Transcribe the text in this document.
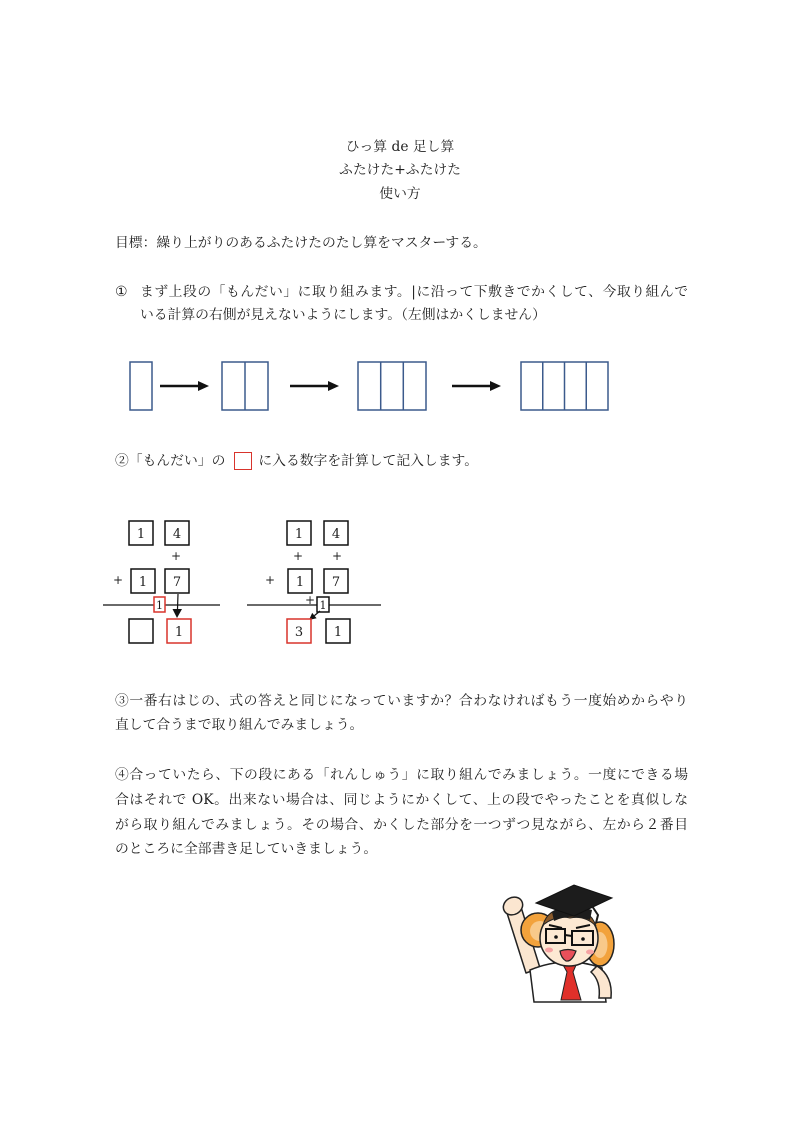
ひっ算 de 足し算
ふたけた+ふたけた
使い方
目標：繰り上がりのあるふたけたのたし算をマスターする。
① まず上段の「もんだい」に取り組みます。|に沿って下敷きでかくして、今取り組んで
いる計算の右側が見えないようにします。（左側はかくしません）
②「もんだい」の に入る数字を計算して記入します。
③一番右はじの、式の答えと同じになっていますか？合わなければもう一度始めからやり
直して合うまで取り組んでみましょう。
④合っていたら、下の段にある「れんしゅう」に取り組んでみましょう。一度にできる場
合はそれで OK。出来ない場合は、同じようにかくして、上の段でやったことを真似しな
がら取り組んでみましょう。その場合、かくした部分を一つずつ見ながら、左から２番目
のところに全部書き足していきましょう。
1 4
+
+ 1 7
1
1
1 4
+ +
+ 1 7
+ 1
3 1
